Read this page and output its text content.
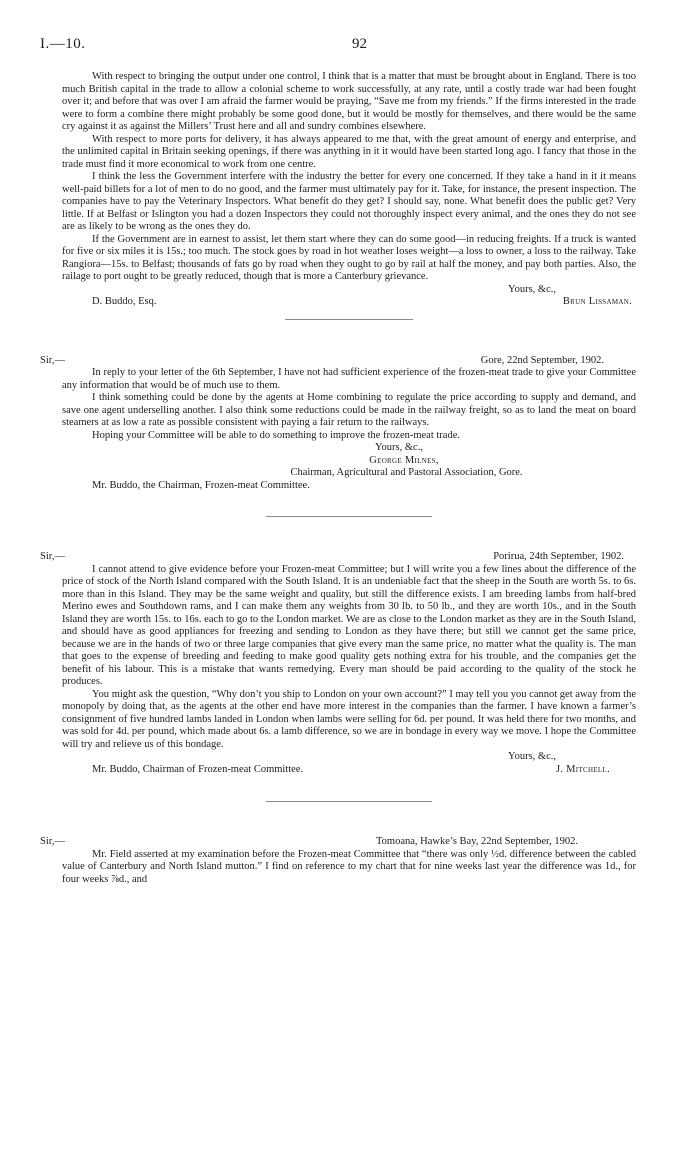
I.—10.	92

With respect to bringing the output under one control, I think that is a matter that must be brought about in England. There is too much British capital in the trade to allow a colonial scheme to work successfully, at any rate, until a costly trade war had been fought over it; and before that was over I am afraid the farmer would be praying, “Save me from my friends.” If the firms interested in the trade were to form a combine there might probably be some good done, but it would be mostly for themselves, and there would be the same cry against it as against the Millers’ Trust here and all and sundry combines elsewhere.

With respect to more ports for delivery, it has always appeared to me that, with the great amount of energy and enterprise, and the unlimited capital in Britain seeking openings, if there was anything in it it would have been started long ago. I fancy that those in the trade must find it more economical to work from one centre.

I think the less the Government interfere with the industry the better for every one concerned. If they take a hand in it it means well-paid billets for a lot of men to do no good, and the farmer must ultimately pay for it. Take, for instance, the present inspection. The companies have to pay the Veterinary Inspectors. What benefit do they get? I should say, none. What benefit does the public get? Very little. If at Belfast or Islington you had a dozen Inspectors they could not thoroughly inspect every animal, and the ones they do not see are as likely to be wrong as the ones they do.

If the Government are in earnest to assist, let them start where they can do some good—in reducing freights. If a truck is wanted for five or six miles it is 15s.; too much. The stock goes by road in hot weather loses weight—a loss to owner, a loss to the railway. Take Rangiora—15s. to Belfast; thousands of fats go by road when they ought to go by rail at half the money, and pay both parties. Also, the railage to port ought to be greatly reduced, though that is more a Canterbury grievance.

Yours, &c.,
D. Buddo, Esq.	Brun Lissaman.
Sir,—	Gore, 22nd September, 1902.

In reply to your letter of the 6th September, I have not had sufficient experience of the frozen-meat trade to give your Committee any information that would be of much use to them.

I think something could be done by the agents at Home combining to regulate the price according to supply and demand, and save one agent underselling another. I also think some reductions could be made in the railway freight, so as to land the meat on board steamers at as low a rate as possible consistent with paying a fair return to the railways.

Hoping your Committee will be able to do something to improve the frozen-meat trade.

Yours, &c.,
George Milnes,
Chairman, Agricultural and Pastoral Association, Gore.
Mr. Buddo, the Chairman, Frozen-meat Committee.
Sir,—	Porirua, 24th September, 1902.

I cannot attend to give evidence before your Frozen-meat Committee; but I will write you a few lines about the difference of the price of stock of the North Island compared with the South Island. It is an undeniable fact that the sheep in the South are worth 5s. to 6s. more than in this Island. They may be the same weight and quality, but still the difference exists. I am breeding lambs from half-bred Merino ewes and Southdown rams, and I can make them any weights from 30 lb. to 50 lb., and they are worth 10s., and in the South Island they are worth 15s. to 16s. each to go to the London market. We are as close to the London market as they are in the South Island, and should have as good appliances for freezing and sending to London as they have there; but still we cannot get the same price, because we are in the hands of two or three large companies that give every man the same price, no matter what the quality is. The man that goes to the expense of breeding and feeding to make good quality gets nothing extra for his trouble, and the companies get the benefit of his labour. This is a mistake that wants remedying. Every man should be paid according to the quality of the stock he produces.

You might ask the question, “Why don’t you ship to London on your own account?” I may tell you you cannot get away from the monopoly by doing that, as the agents at the other end have more interest in the companies than the farmer. I have known a farmer’s consignment of five hundred lambs landed in London when lambs were selling for 6d. per pound. It was held there for two months, and was sold for 4d. per pound, which made about 6s. a lamb difference, so we are in bondage in every way we move. I hope the Committee will try and relieve us of this bondage.

Yours, &c.,
Mr. Buddo, Chairman of Frozen-meat Committee.	J. Mitchell.
Sir,—	Tomoana, Hawke’s Bay, 22nd September, 1902.

Mr. Field asserted at my examination before the Frozen-meat Committee that “there was only ½d. difference between the cabled value of Canterbury and North Island mutton.” I find on reference to my chart that for nine weeks last year the difference was 1d., for four weeks ⅞d., and
